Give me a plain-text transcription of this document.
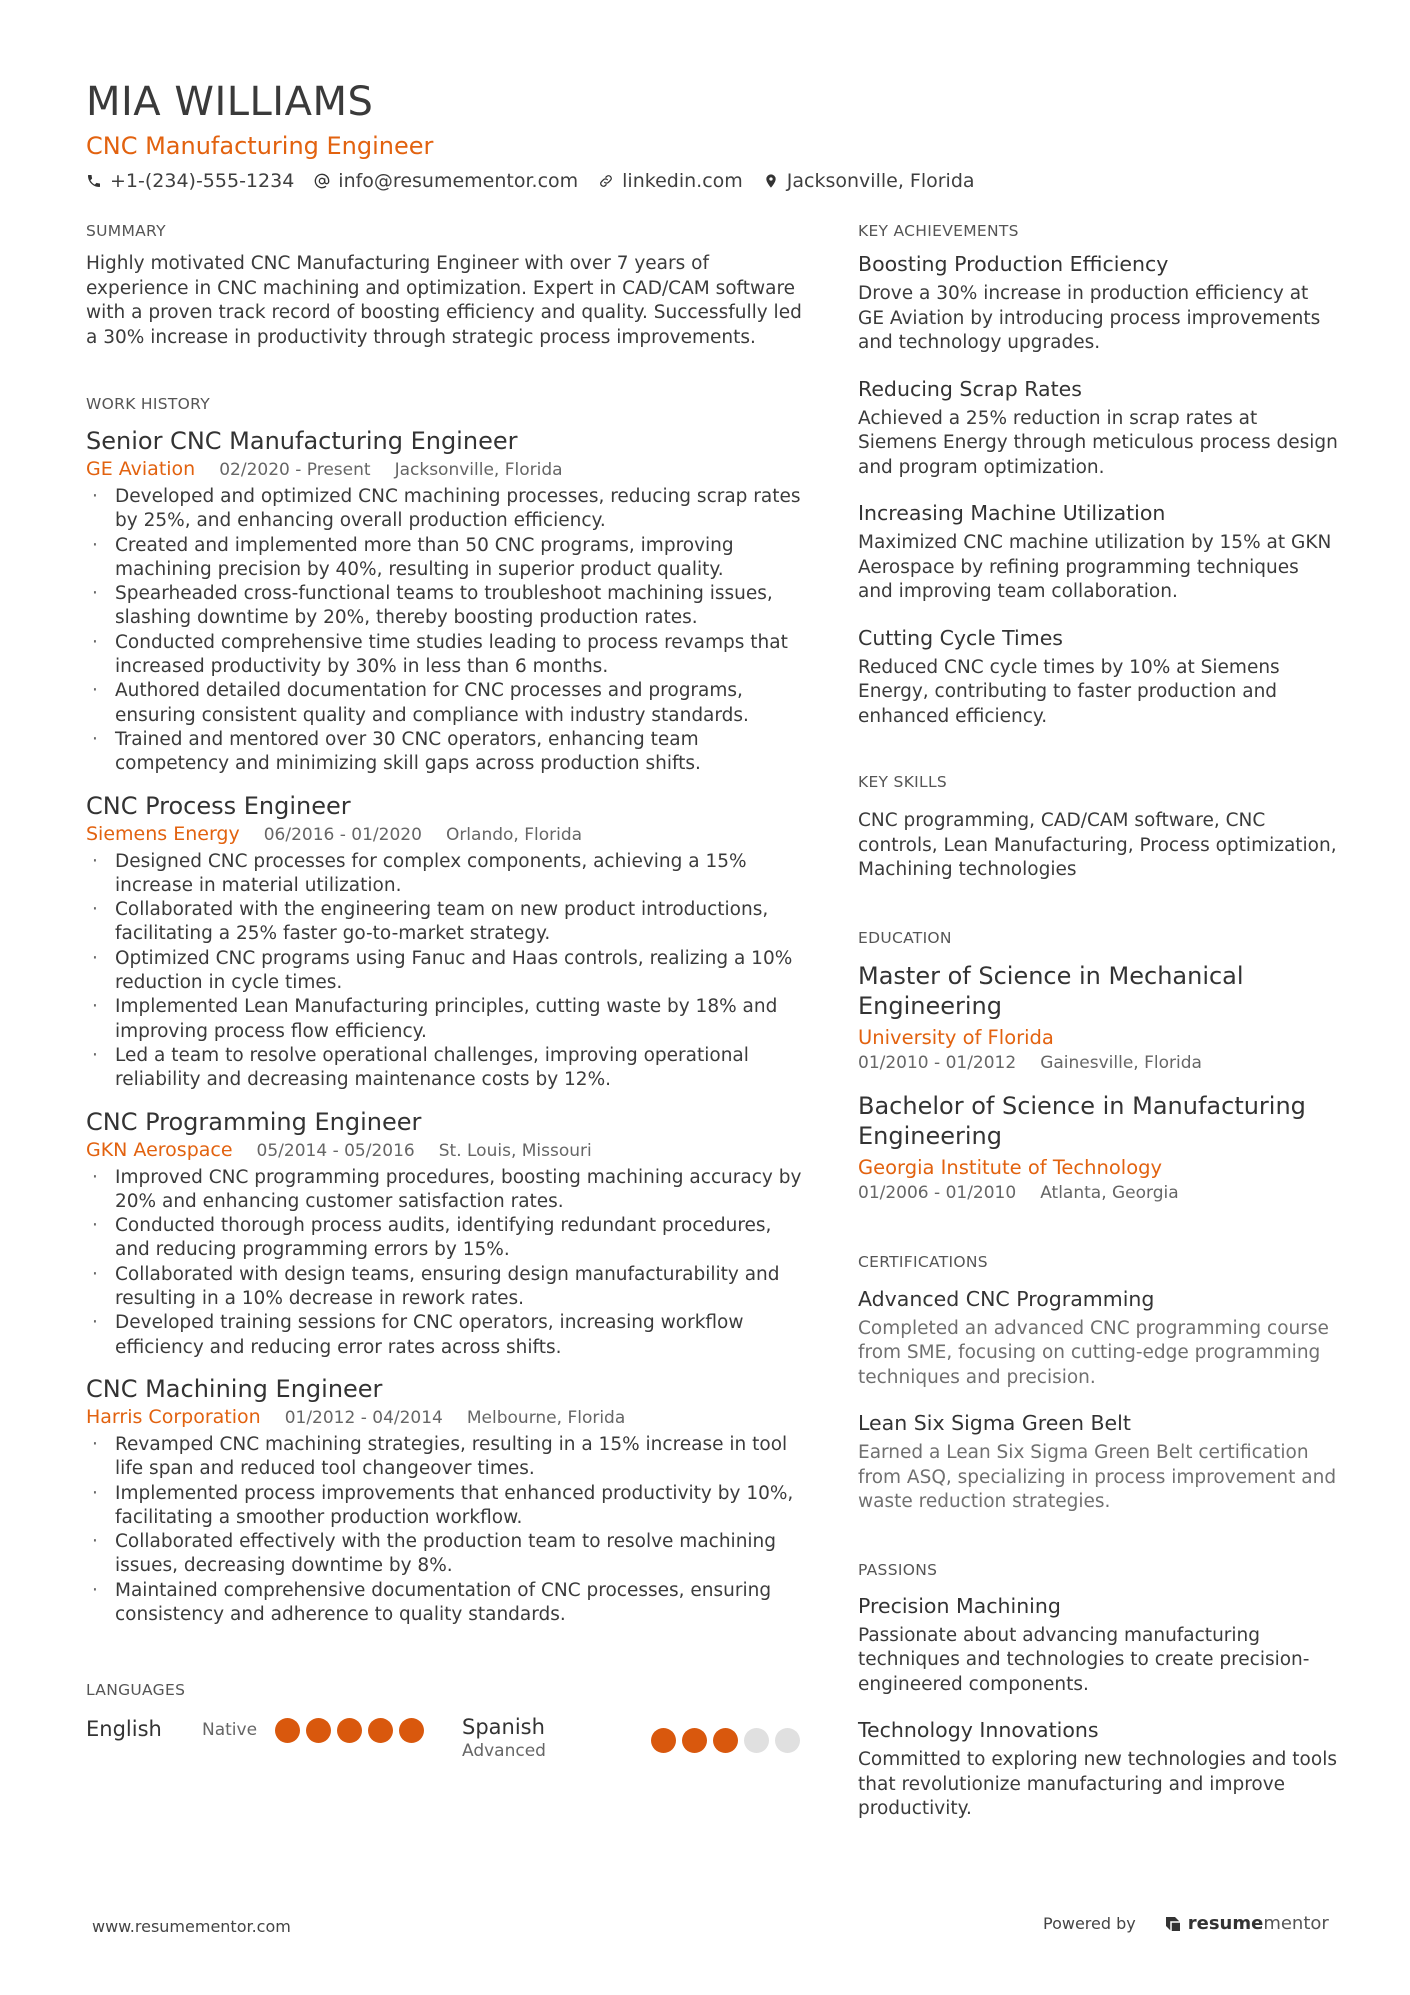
MIA WILLIAMS
CNC Manufacturing Engineer
+1-(234)-555-1234 info@resumementor.com linkedin.com Jacksonville, Florida
SUMMARY

Highly motivated CNC Manufacturing Engineer with over 7 years of experience in CNC machining and optimization. Expert in CAD/CAM software with a proven track record of boosting efficiency and quality. Successfully led a 30% increase in productivity through strategic process improvements.

WORK HISTORY
Senior CNC Manufacturing Engineer
GE Aviation 02/2020 - Present Jacksonville, Florida
· Developed and optimized CNC machining processes, reducing scrap rates by 25%, and enhancing overall production efficiency.
· Created and implemented more than 50 CNC programs, improving machining precision by 40%, resulting in superior product quality.
· Spearheaded cross-functional teams to troubleshoot machining issues, slashing downtime by 20%, thereby boosting production rates.
· Conducted comprehensive time studies leading to process revamps that increased productivity by 30% in less than 6 months.
· Authored detailed documentation for CNC processes and programs, ensuring consistent quality and compliance with industry standards.
· Trained and mentored over 30 CNC operators, enhancing team competency and minimizing skill gaps across production shifts.
CNC Process Engineer
Siemens Energy 06/2016 - 01/2020 Orlando, Florida
· Designed CNC processes for complex components, achieving a 15% increase in material utilization.
· Collaborated with the engineering team on new product introductions, facilitating a 25% faster go-to-market strategy.
· Optimized CNC programs using Fanuc and Haas controls, realizing a 10% reduction in cycle times.
· Implemented Lean Manufacturing principles, cutting waste by 18% and improving process flow efficiency.
· Led a team to resolve operational challenges, improving operational reliability and decreasing maintenance costs by 12%.
CNC Programming Engineer
GKN Aerospace 05/2014 - 05/2016 St. Louis, Missouri
· Improved CNC programming procedures, boosting machining accuracy by 20% and enhancing customer satisfaction rates.
· Conducted thorough process audits, identifying redundant procedures, and reducing programming errors by 15%.
· Collaborated with design teams, ensuring design manufacturability and resulting in a 10% decrease in rework rates.
· Developed training sessions for CNC operators, increasing workflow efficiency and reducing error rates across shifts.
CNC Machining Engineer
Harris Corporation 01/2012 - 04/2014 Melbourne, Florida
· Revamped CNC machining strategies, resulting in a 15% increase in tool life span and reduced tool changeover times.
· Implemented process improvements that enhanced productivity by 10%, facilitating a smoother production workflow.
· Collaborated effectively with the production team to resolve machining issues, decreasing downtime by 8%.
· Maintained comprehensive documentation of CNC processes, ensuring consistency and adherence to quality standards.
LANGUAGES
English Native	Spanish
Advanced
KEY ACHIEVEMENTS
Boosting Production Efficiency
Drove a 30% increase in production efficiency at GE Aviation by introducing process improvements and technology upgrades.
Reducing Scrap Rates
Achieved a 25% reduction in scrap rates at Siemens Energy through meticulous process design and program optimization.
Increasing Machine Utilization
Maximized CNC machine utilization by 15% at GKN Aerospace by refining programming techniques and improving team collaboration.
Cutting Cycle Times
Reduced CNC cycle times by 10% at Siemens Energy, contributing to faster production and enhanced efficiency.
KEY SKILLS
CNC programming, CAD/CAM software, CNC controls, Lean Manufacturing, Process optimization, Machining technologies
EDUCATION
Master of Science in Mechanical Engineering
University of Florida
01/2010 - 01/2012 Gainesville, Florida
Bachelor of Science in Manufacturing Engineering
Georgia Institute of Technology
01/2006 - 01/2010 Atlanta, Georgia
CERTIFICATIONS
Advanced CNC Programming
Completed an advanced CNC programming course from SME, focusing on cutting-edge programming techniques and precision.
Lean Six Sigma Green Belt
Earned a Lean Six Sigma Green Belt certification from ASQ, specializing in process improvement and waste reduction strategies.
PASSIONS
Precision Machining
Passionate about advancing manufacturing techniques and technologies to create precision-engineered components.
Technology Innovations
Committed to exploring new technologies and tools that revolutionize manufacturing and improve productivity.
www.resumementor.com	Powered by	resumementor
